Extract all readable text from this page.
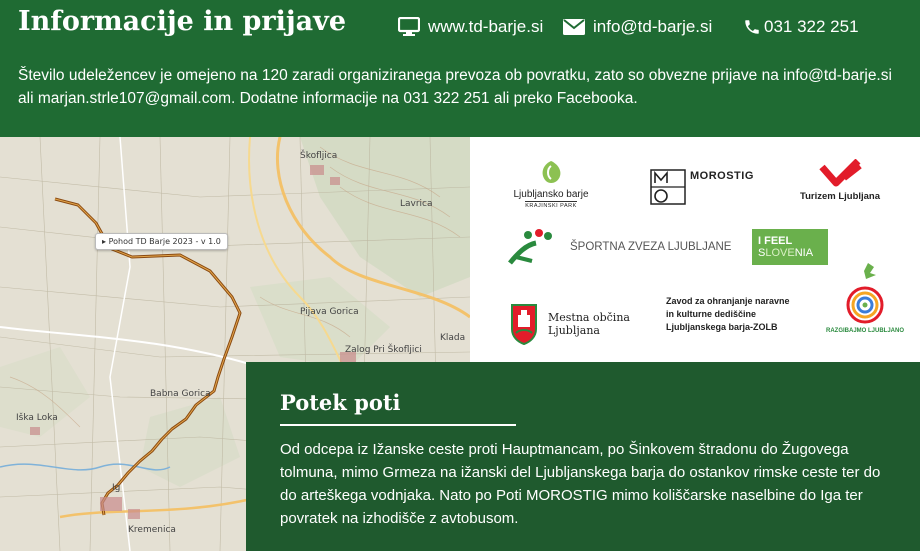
Informacije in prijave	www.td-barje.si	info@td-barje.si	031 322 251
Število udeležencev je omejeno na 120 zaradi organiziranega prevoza ob povratku, zato so obvezne prijave na info@td-barje.si ali marjan.strle107@gmail.com. Dodatne informacije na 031 322 251 ali preko Facebooka.
Škofljica
Lavrica
Pijava Gorica
Zalog Pri Škofljici
Klada
Babna Gorica
Ig
Iška Loka
Kremenica
▸ Pohod TD Barje 2023 - v 1.0
Ljubljansko barje
KRAJINSKI PARK
MOROSTIG
Turizem Ljubljana
ŠPORTNA ZVEZA LJUBLJANE I FEEL
SLOVENIA
Mestna občina
Ljubljana
Zavod za ohranjanje naravne
in kulturne dediščine
Ljubljanskega barja-ZOLB	RAZGIBAJMO LJUBLJANO
Potek poti
Od odcepa iz Ižanske ceste proti Hauptmancam, po Šinkovem štradonu do Žugovega tolmuna, mimo Grmeza na ižanski del Ljubljanskega barja do ostankov rimske ceste ter do do arteškega vodnjaka. Nato po Poti MOROSTIG mimo koliščarske naselbine do Iga ter povratek na izhodišče z avtobusom.
